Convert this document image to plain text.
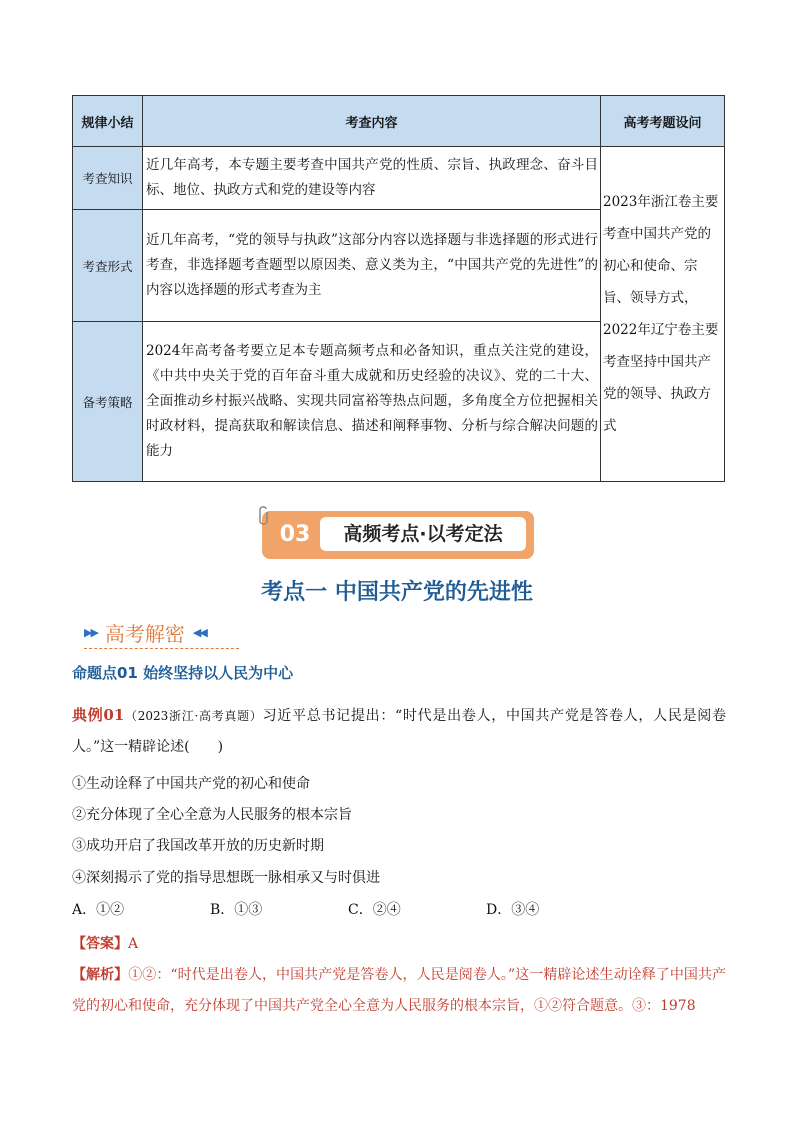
规律小结	考查内容	高考考题设问
考查知识	近几年高考，本专题主要考查中国共产党的性质、宗旨、执政理念、奋斗目标、地位、执政方式和党的建设等内容	2023年浙江卷主要考查中国共产党的初心和使命、宗旨、领导方式，2022年辽宁卷主要考查坚持中国共产党的领导、执政方式
考查形式	近几年高考，“党的领导与执政”这部分内容以选择题与非选择题的形式进行考查，非选择题考查题型以原因类、意义类为主，“中国共产党的先进性”的内容以选择题的形式考查为主	
备考策略	2024年高考备考要立足本专题高频考点和必备知识，重点关注党的建设，《中共中央关于党的百年奋斗重大成就和历史经验的决议》、党的二十大、全面推动乡村振兴战略、实现共同富裕等热点问题，多角度全方位把握相关时政材料，提高获取和解读信息、描述和阐释事物、分析与综合解决问题的能力	
03	高频考点·以考定法
考点一 中国共产党的先进性
▶▶ 高考解密 ◀◀
命题点01 始终坚持以人民为中心
典例01（2023浙江·高考真题）习近平总书记提出：“时代是出卷人，中国共产党是答卷人，人民是阅卷人。”这一精辟论述(　　)
①生动诠释了中国共产党的初心和使命
②充分体现了全心全意为人民服务的根本宗旨
③成功开启了我国改革开放的历史新时期
④深刻揭示了党的指导思想既一脉相承又与时俱进
A．①②	B．①③	C．②④	D．③④
【答案】A
【解析】①②：“时代是出卷人，中国共产党是答卷人，人民是阅卷人。”这一精辟论述生动诠释了中国共产党的初心和使命，充分体现了中国共产党全心全意为人民服务的根本宗旨，①②符合题意。③：1978
